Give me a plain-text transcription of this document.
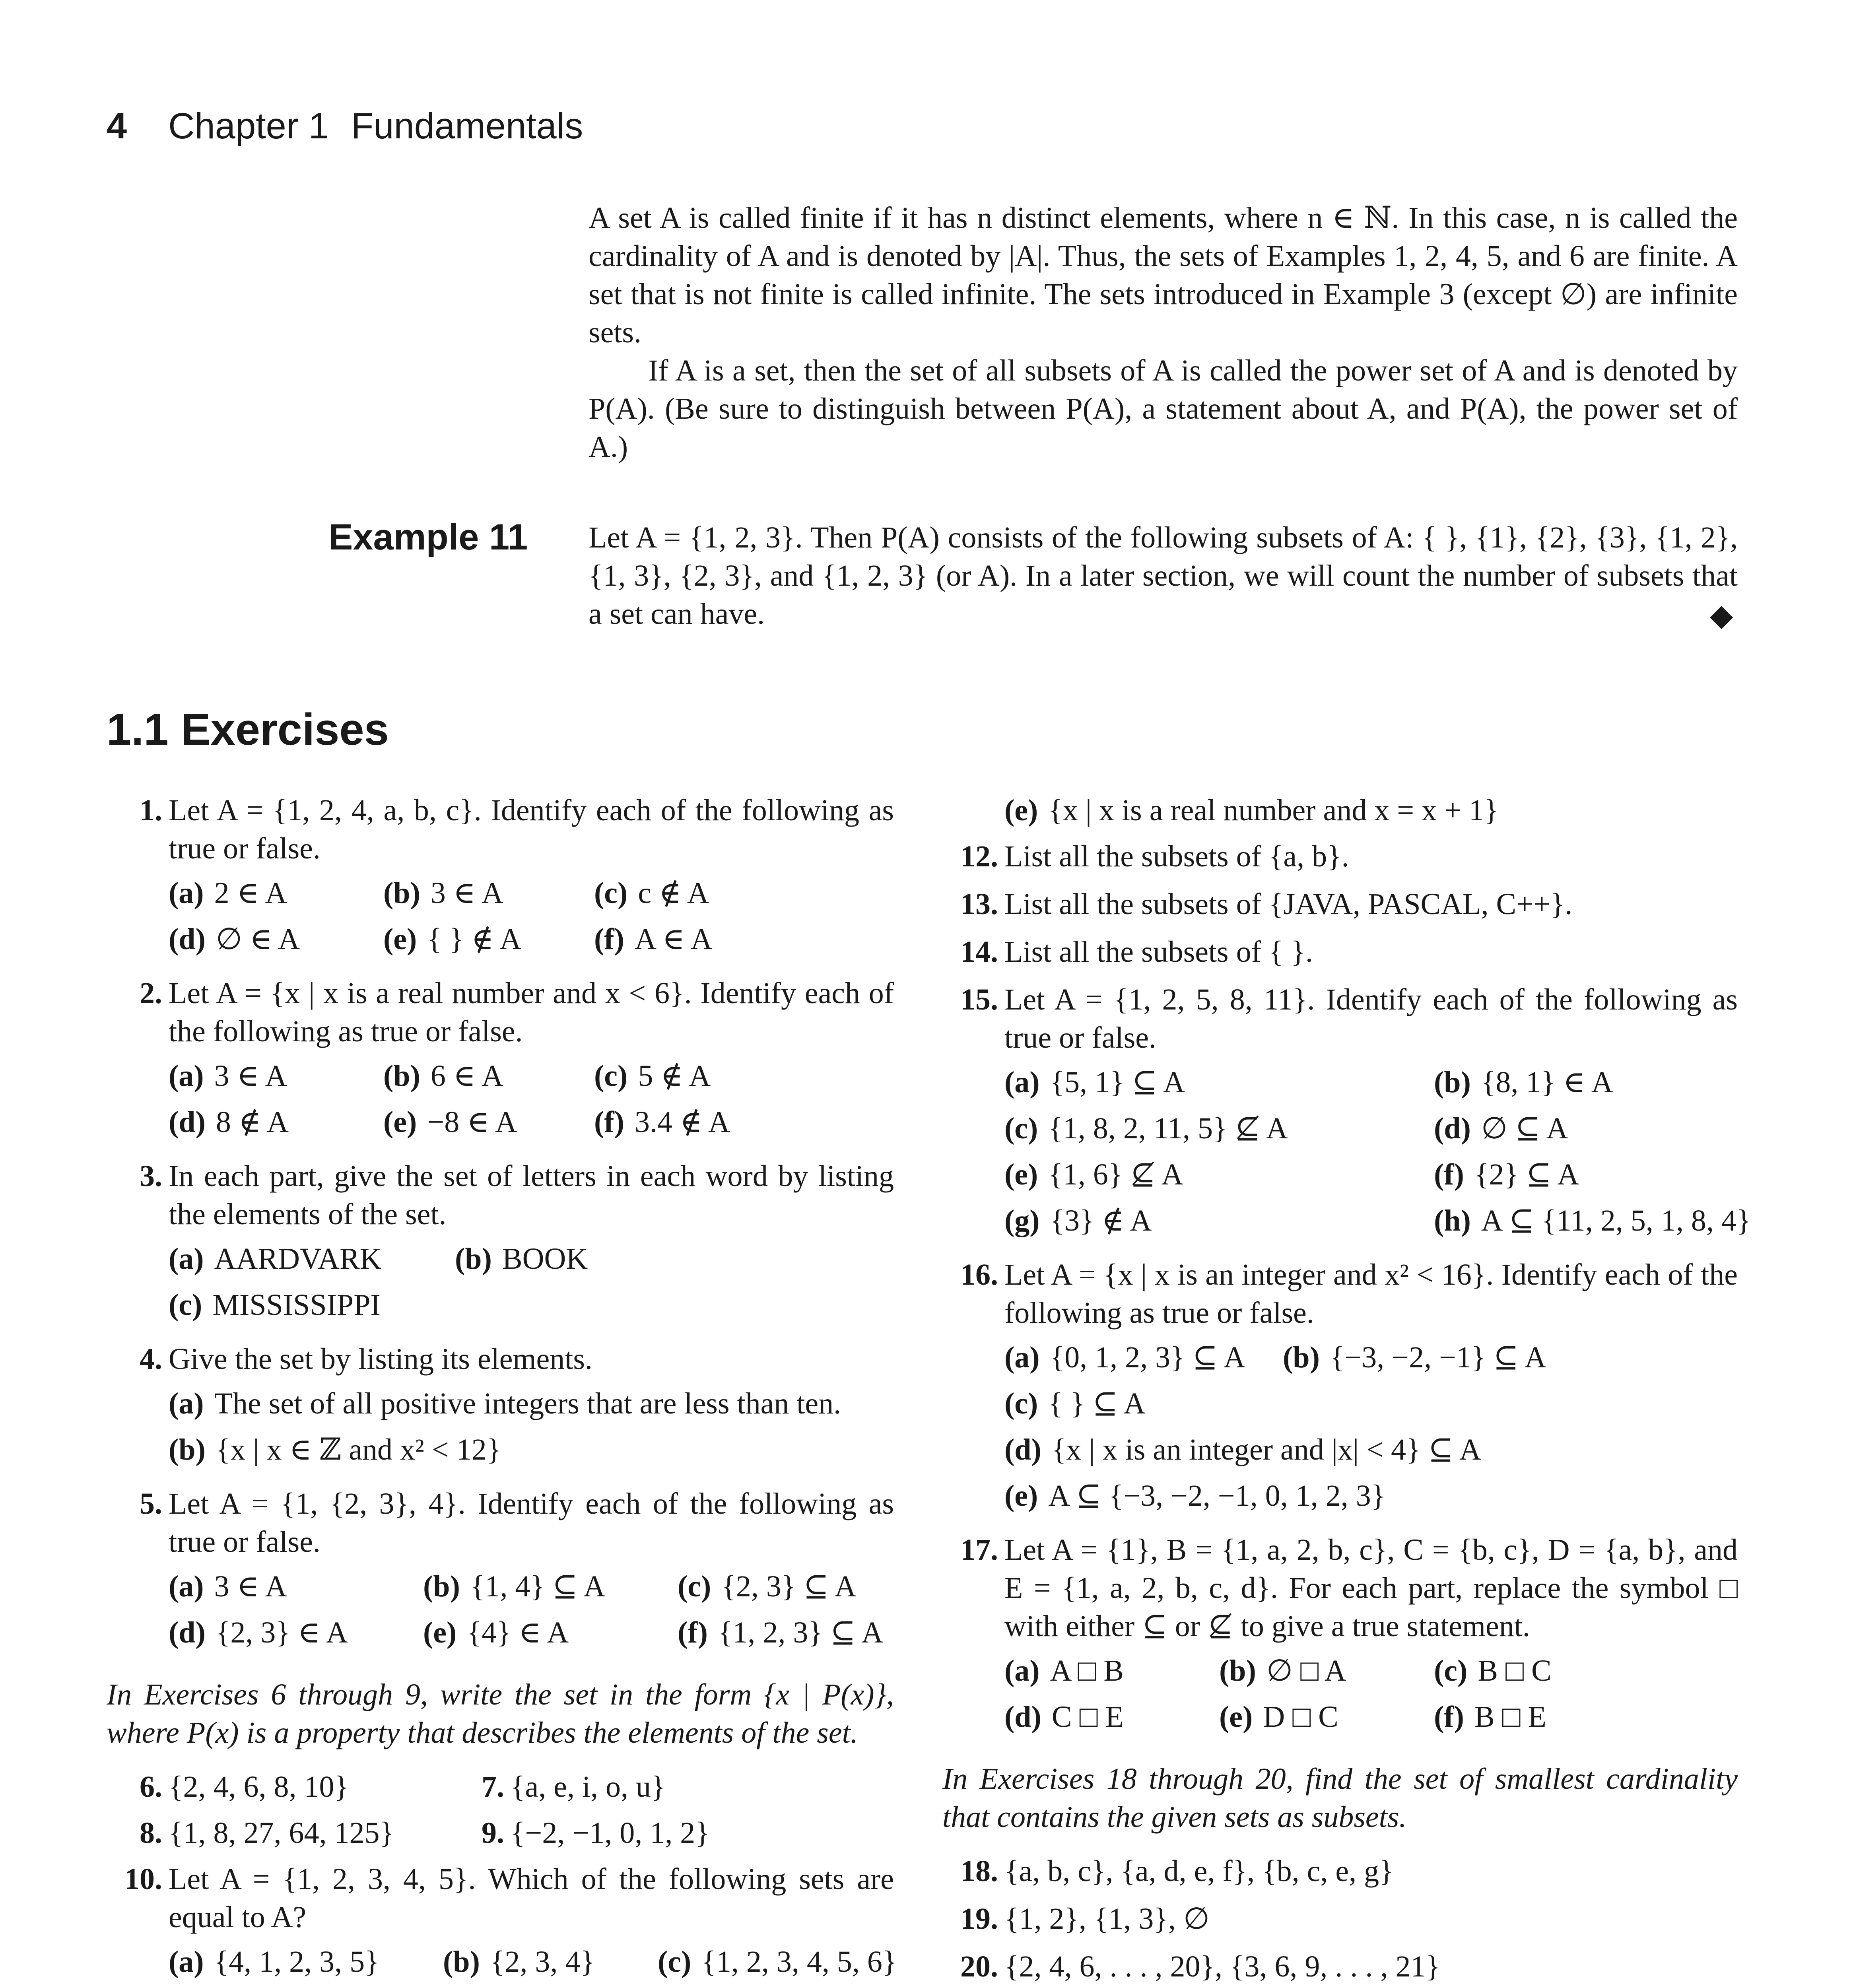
4 Chapter 1 Fundamentals

A set A is called finite if it has n distinct elements, where n ∈ ℕ. In this case, n is called the cardinality of A and is denoted by |A|. Thus, the sets of Examples 1, 2, 4, 5, and 6 are finite. A set that is not finite is called infinite. The sets introduced in Example 3 (except ∅) are infinite sets.

If A is a set, then the set of all subsets of A is called the power set of A and is denoted by P(A). (Be sure to distinguish between P(A), a statement about A, and P(A), the power set of A.)

Example 11 Let A = {1, 2, 3}. Then P(A) consists of the following subsets of A: { }, {1}, {2}, {3}, {1, 2}, {1, 3}, {2, 3}, and {1, 2, 3} (or A). In a later section, we will count the number of subsets that a set can have.	◆
1.1 Exercises
1. Let A = {1, 2, 4, a, b, c}. Identify each of the following as true or false.
(a) 2 ∈ A	(b) 3 ∈ A	(c) c ∉ A
(d) ∅ ∈ A	(e) { } ∉ A	(f) A ∈ A
2. Let A = {x | x is a real number and x < 6}. Identify each of the following as true or false.
(a) 3 ∈ A	(b) 6 ∈ A	(c) 5 ∉ A
(d) 8 ∉ A	(e) −8 ∈ A	(f) 3.4 ∉ A
3. In each part, give the set of letters in each word by listing the elements of the set.
(a) AARDVARK	(b) BOOK
(c) MISSISSIPPI
4. Give the set by listing its elements.
(a) The set of all positive integers that are less than ten.
(b) {x | x ∈ ℤ and x² < 12}
5. Let A = {1, {2, 3}, 4}. Identify each of the following as true or false.
(a) 3 ∈ A	(b) {1, 4} ⊆ A	(c) {2, 3} ⊆ A
(d) {2, 3} ∈ A	(e) {4} ∈ A	(f) {1, 2, 3} ⊆ A
In Exercises 6 through 9, write the set in the form {x | P(x)}, where P(x) is a property that describes the elements of the set.
6. {2, 4, 6, 8, 10}	7. {a, e, i, o, u}
8. {1, 8, 27, 64, 125}	9. {−2, −1, 0, 1, 2}
10. Let A = {1, 2, 3, 4, 5}. Which of the following sets are equal to A?
(a) {4, 1, 2, 3, 5}	(b) {2, 3, 4}	(c) {1, 2, 3, 4, 5, 6}
(e) {x | x is a real number and x = x + 1}
12. List all the subsets of {a, b}.
13. List all the subsets of {JAVA, PASCAL, C++}.
14. List all the subsets of { }.
15. Let A = {1, 2, 5, 8, 11}. Identify each of the following as true or false.
(a) {5, 1} ⊆ A	(b) {8, 1} ∈ A
(c) {1, 8, 2, 11, 5} ⊈ A	(d) ∅ ⊆ A
(e) {1, 6} ⊈ A	(f) {2} ⊆ A
(g) {3} ∉ A	(h) A ⊆ {11, 2, 5, 1, 8, 4}
16. Let A = {x | x is an integer and x² < 16}. Identify each of the following as true or false.
(a) {0, 1, 2, 3} ⊆ A	(b) {−3, −2, −1} ⊆ A
(c) { } ⊆ A
(d) {x | x is an integer and |x| < 4} ⊆ A
(e) A ⊆ {−3, −2, −1, 0, 1, 2, 3}
17. Let A = {1}, B = {1, a, 2, b, c}, C = {b, c}, D = {a, b}, and E = {1, a, 2, b, c, d}. For each part, replace the symbol □ with either ⊆ or ⊈ to give a true statement.
(a) A □ B	(b) ∅ □ A	(c) B □ C
(d) C □ E	(e) D □ C	(f) B □ E
In Exercises 18 through 20, find the set of smallest cardinality that contains the given sets as subsets.
18. {a, b, c}, {a, d, e, f}, {b, c, e, g}
19. {1, 2}, {1, 3}, ∅
20. {2, 4, 6, . . . , 20}, {3, 6, 9, . . . , 21}
